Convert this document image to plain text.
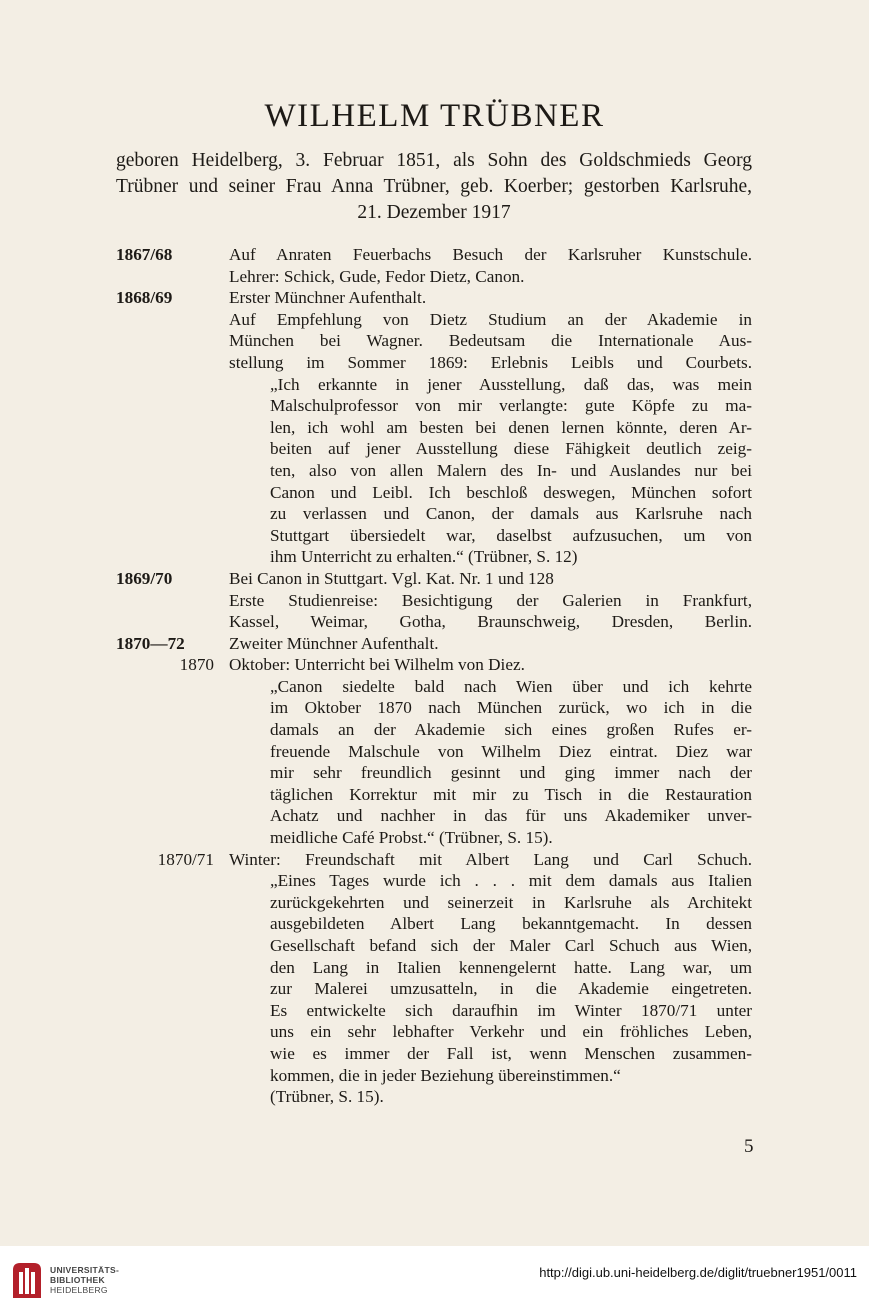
WILHELM TRÜBNER
geboren Heidelberg, 3. Februar 1851, als Sohn des Goldschmieds Georg
Trübner und seiner Frau Anna Trübner, geb. Koerber; gestorben Karlsruhe,
21. Dezember 1917
1867/68	Auf Anraten Feuerbachs Besuch der Karlsruher Kunstschule.
Lehrer: Schick, Gude, Fedor Dietz, Canon.
1868/69	Erster Münchner Aufenthalt.
Auf Empfehlung von Dietz Studium an der Akademie in
München bei Wagner. Bedeutsam die Internationale Aus-
stellung im Sommer 1869: Erlebnis Leibls und Courbets.
„Ich erkannte in jener Ausstellung, daß das, was mein
Malschulprofessor von mir verlangte: gute Köpfe zu ma-
len, ich wohl am besten bei denen lernen könnte, deren Ar-
beiten auf jener Ausstellung diese Fähigkeit deutlich zeig-
ten, also von allen Malern des In- und Auslandes nur bei
Canon und Leibl. Ich beschloß deswegen, München sofort
zu verlassen und Canon, der damals aus Karlsruhe nach
Stuttgart übersiedelt war, daselbst aufzusuchen, um von
ihm Unterricht zu erhalten.“ (Trübner, S. 12)
1869/70	Bei Canon in Stuttgart. Vgl. Kat. Nr. 1 und 128
Erste Studienreise: Besichtigung der Galerien in Frankfurt,
Kassel, Weimar, Gotha, Braunschweig, Dresden, Berlin.
1870—72	Zweiter Münchner Aufenthalt.
1870 Oktober: Unterricht bei Wilhelm von Diez.
„Canon siedelte bald nach Wien über und ich kehrte
im Oktober 1870 nach München zurück, wo ich in die
damals an der Akademie sich eines großen Rufes er-
freuende Malschule von Wilhelm Diez eintrat. Diez war
mir sehr freundlich gesinnt und ging immer nach der
täglichen Korrektur mit mir zu Tisch in die Restauration
Achatz und nachher in das für uns Akademiker unver-
meidliche Café Probst.“ (Trübner, S. 15).
1870/71 Winter: Freundschaft mit Albert Lang und Carl Schuch.
„Eines Tages wurde ich . . . mit dem damals aus Italien
zurückgekehrten und seinerzeit in Karlsruhe als Architekt
ausgebildeten Albert Lang bekanntgemacht. In dessen
Gesellschaft befand sich der Maler Carl Schuch aus Wien,
den Lang in Italien kennengelernt hatte. Lang war, um
zur Malerei umzusatteln, in die Akademie eingetreten.
Es entwickelte sich daraufhin im Winter 1870/71 unter
uns ein sehr lebhafter Verkehr und ein fröhliches Leben,
wie es immer der Fall ist, wenn Menschen zusammen-
kommen, die in jeder Beziehung übereinstimmen.“
(Trübner, S. 15).
5
UNIVERSITÄTS-
BIBLIOTHEK
HEIDELBERG
http://digi.ub.uni-heidelberg.de/diglit/truebner1951/0011
